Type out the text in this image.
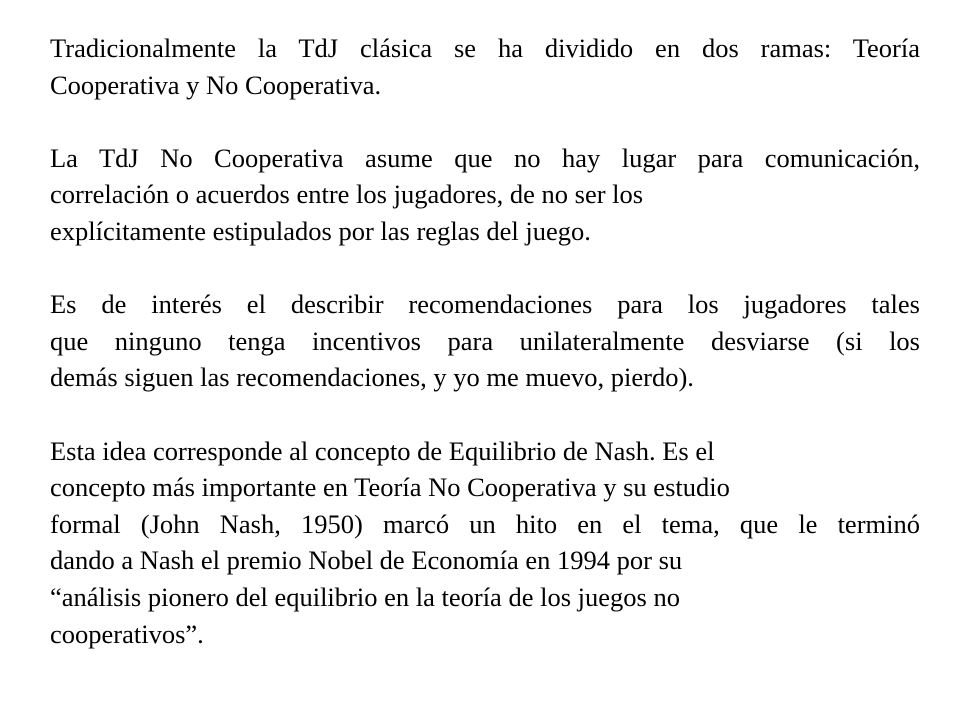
Tradicionalmente la TdJ clásica se ha dividido en dos ramas: Teoría
Cooperativa y No Cooperativa.
La TdJ No Cooperativa asume que no hay lugar para comunicación,
correlación o acuerdos entre los jugadores, de no ser los
explícitamente estipulados por las reglas del juego.
Es de interés el describir recomendaciones para los jugadores tales
que ninguno tenga incentivos para unilateralmente desviarse (si los
demás siguen las recomendaciones, y yo me muevo, pierdo).
Esta idea corresponde al concepto de Equilibrio de Nash. Es el
concepto más importante en Teoría No Cooperativa y su estudio
formal (John Nash, 1950) marcó un hito en el tema, que le terminó
dando a Nash el premio Nobel de Economía en 1994 por su
“análisis pionero del equilibrio en la teoría de los juegos no
cooperativos”.
